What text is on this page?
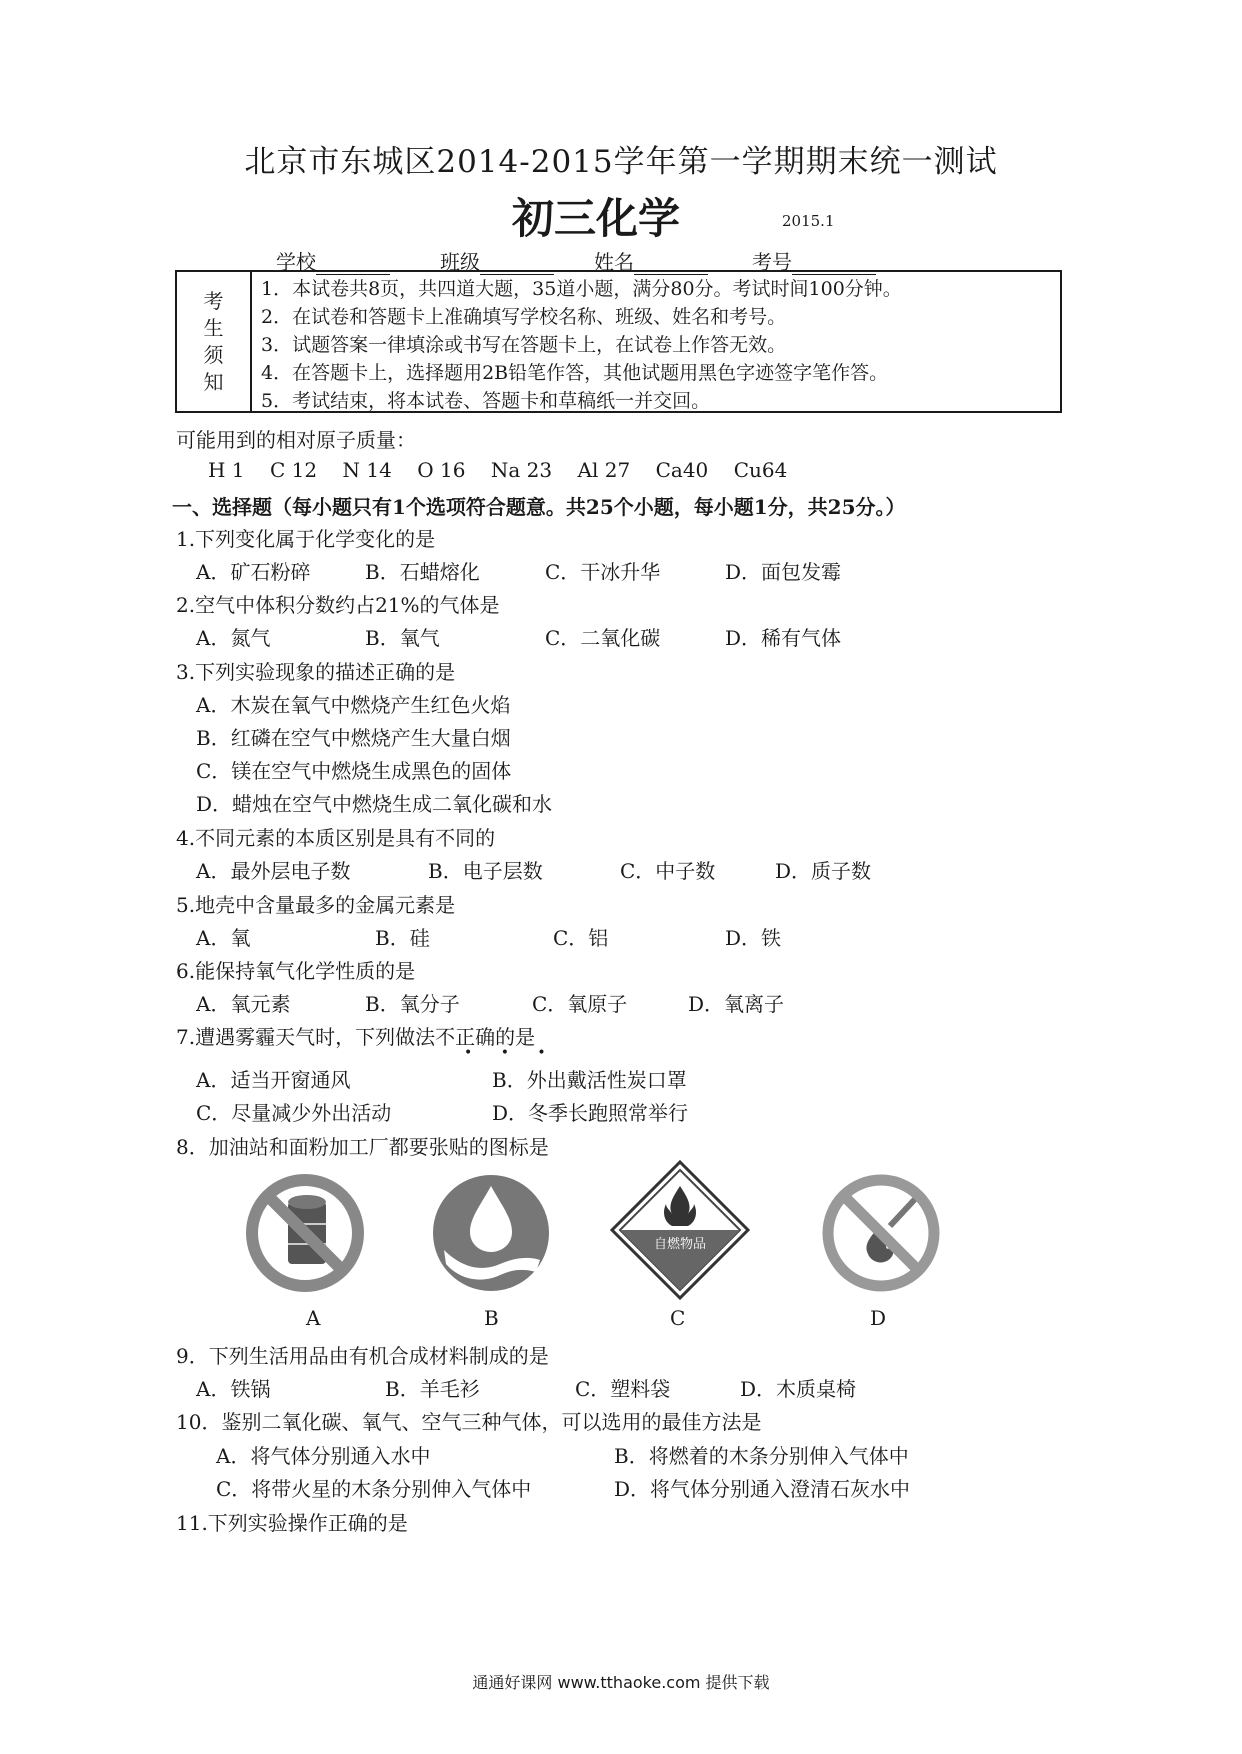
北京市东城区2014-2015学年第一学期期末统一测试
初三化学	2015.1
学校	班级	姓名	考号
考
生
须
知
1．本试卷共8页，共四道大题，35道小题，满分80分。考试时间100分钟。
2．在试卷和答题卡上准确填写学校名称、班级、姓名和考号。
3．试题答案一律填涂或书写在答题卡上，在试卷上作答无效。
4．在答题卡上，选择题用2B铅笔作答，其他试题用黑色字迹签字笔作答。
5．考试结束，将本试卷、答题卡和草稿纸一并交回。
可能用到的相对原子质量：
H 1    C 12    N 14    O 16    Na 23    Al 27    Ca40    Cu64
一、选择题（每小题只有1个选项符合题意。共25个小题，每小题1分，共25分。）
1.下列变化属于化学变化的是
A．矿石粉碎	B．石蜡熔化	C．干冰升华	D．面包发霉
2.空气中体积分数约占21%的气体是
A．氮气	B．氧气	C．二氧化碳	D．稀有气体
3.下列实验现象的描述正确的是
A．木炭在氧气中燃烧产生红色火焰
B．红磷在空气中燃烧产生大量白烟
C．镁在空气中燃烧生成黑色的固体
D．蜡烛在空气中燃烧生成二氧化碳和水
4.不同元素的本质区别是具有不同的
A．最外层电子数	B．电子层数	C．中子数	D．质子数
5.地壳中含量最多的金属元素是
A．氧	B．硅	C．铝	D．铁
6.能保持氧气化学性质的是
A．氧元素	B．氧分子	C．氧原子	D．氧离子
7.遭遇雾霾天气时，下列做法不正确的是
• • •
A．适当开窗通风	B．外出戴活性炭口罩
C．尽量减少外出活动	D．冬季长跑照常举行
8．加油站和面粉加工厂都要张贴的图标是
A	B
自燃物品
C	D
9．下列生活用品由有机合成材料制成的是
A．铁锅	B．羊毛衫	C．塑料袋	D．木质桌椅
10．鉴别二氧化碳、氧气、空气三种气体，可以选用的最佳方法是
A．将气体分别通入水中	B．将燃着的木条分别伸入气体中
C．将带火星的木条分别伸入气体中	D．将气体分别通入澄清石灰水中
11.下列实验操作正确的是
通通好课网 www.tthaoke.com 提供下载
